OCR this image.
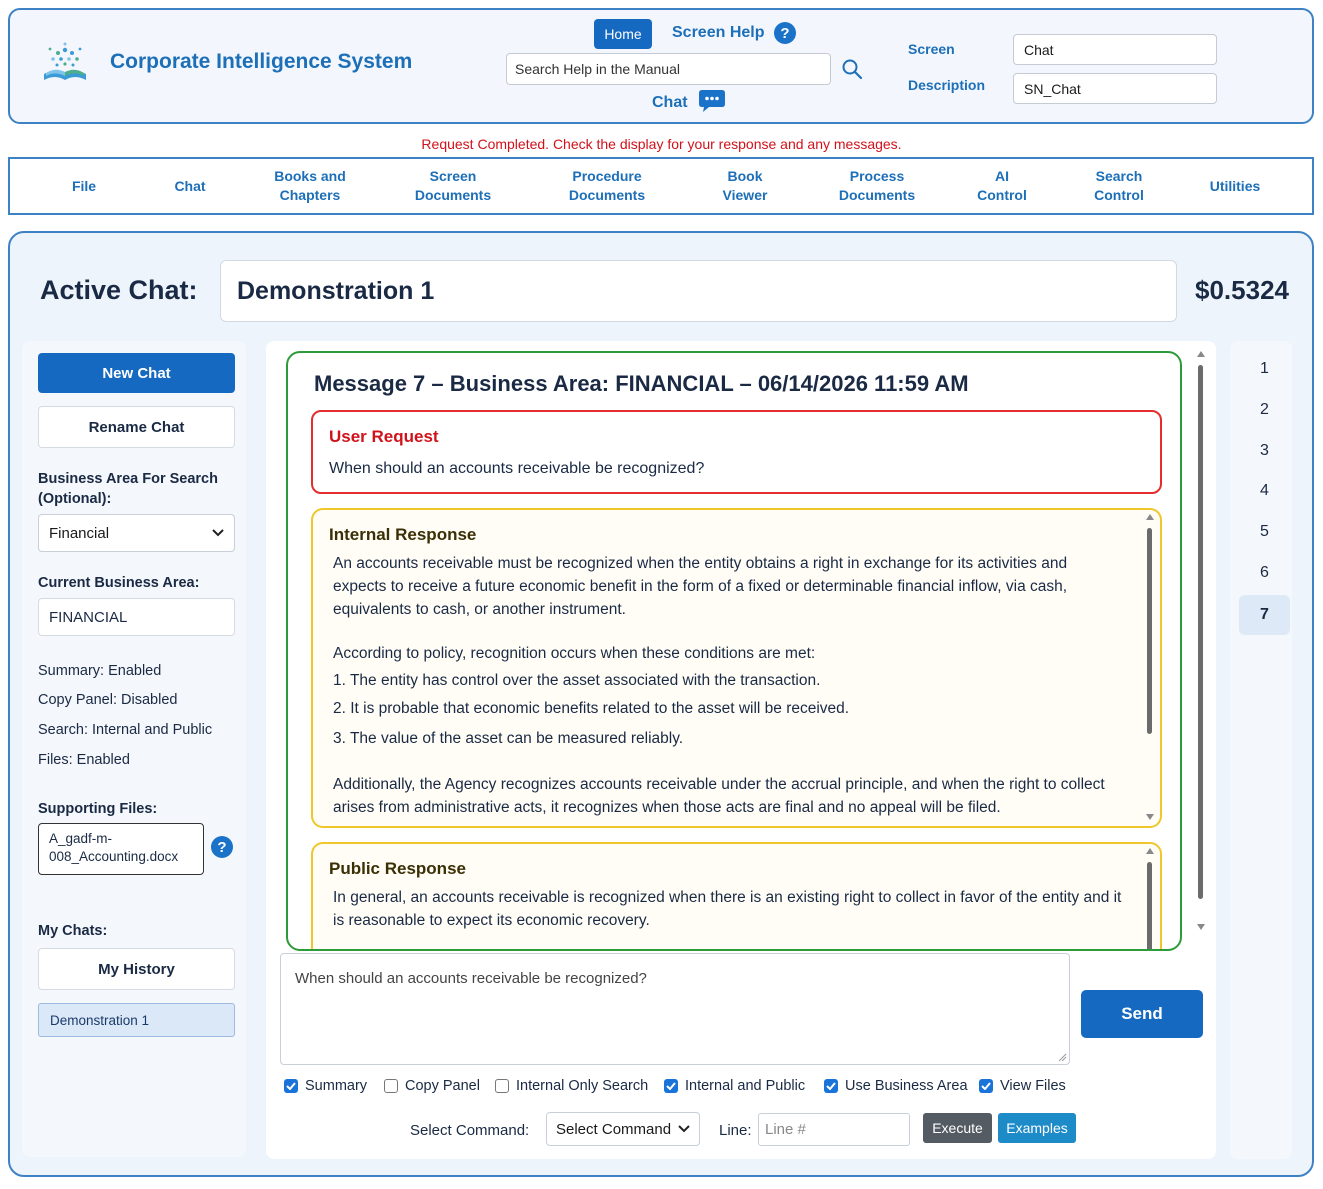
Corporate Intelligence System
Home	Screen Help	?
Search Help in the Manual
Chat
Screen	Chat
Description	SN_Chat
Request Completed. Check the display for your response and any messages.
File	Chat
Books and
Chapters
Screen
Documents
Procedure
Documents
Book
Viewer
Process
Documents
AI
Control
Search
Control
Utilities
Active Chat:	Demonstration 1	$0.5324
New Chat
Rename Chat
Business Area For Search (Optional):
Financial
Current Business Area:
FINANCIAL
Summary: Enabled
Copy Panel: Disabled
Search: Internal and Public
Files: Enabled
Supporting Files:
A_gadf-m-008_Accounting.docx
?
My Chats:
My History
Demonstration 1
Message 7 – Business Area: FINANCIAL – 06/14/2026 11:59 AM
User Request
When should an accounts receivable be recognized?
Internal Response
An accounts receivable must be recognized when the entity obtains a right in exchange for its activities and expects to receive a future economic benefit in the form of a fixed or determinable financial inflow, via cash, equivalents to cash, or another instrument.
According to policy, recognition occurs when these conditions are met:
1. The entity has control over the asset associated with the transaction.
2. It is probable that economic benefits related to the asset will be received.
3. The value of the asset can be measured reliably.
Additionally, the Agency recognizes accounts receivable under the accrual principle, and when the right to collect arises from administrative acts, it recognizes when those acts are final and no appeal will be filed.
Public Response
In general, an accounts receivable is recognized when there is an existing right to collect in favor of the entity and it is reasonable to expect its economic recovery.
When should an accounts receivable be recognized?
Send
Summary	Copy Panel Internal Only Search	Internal and Public	Use Business Area View Files
Select Command: Select Command	Line: Line #	Execute	Examples
1
2
3
4
5
6
7
